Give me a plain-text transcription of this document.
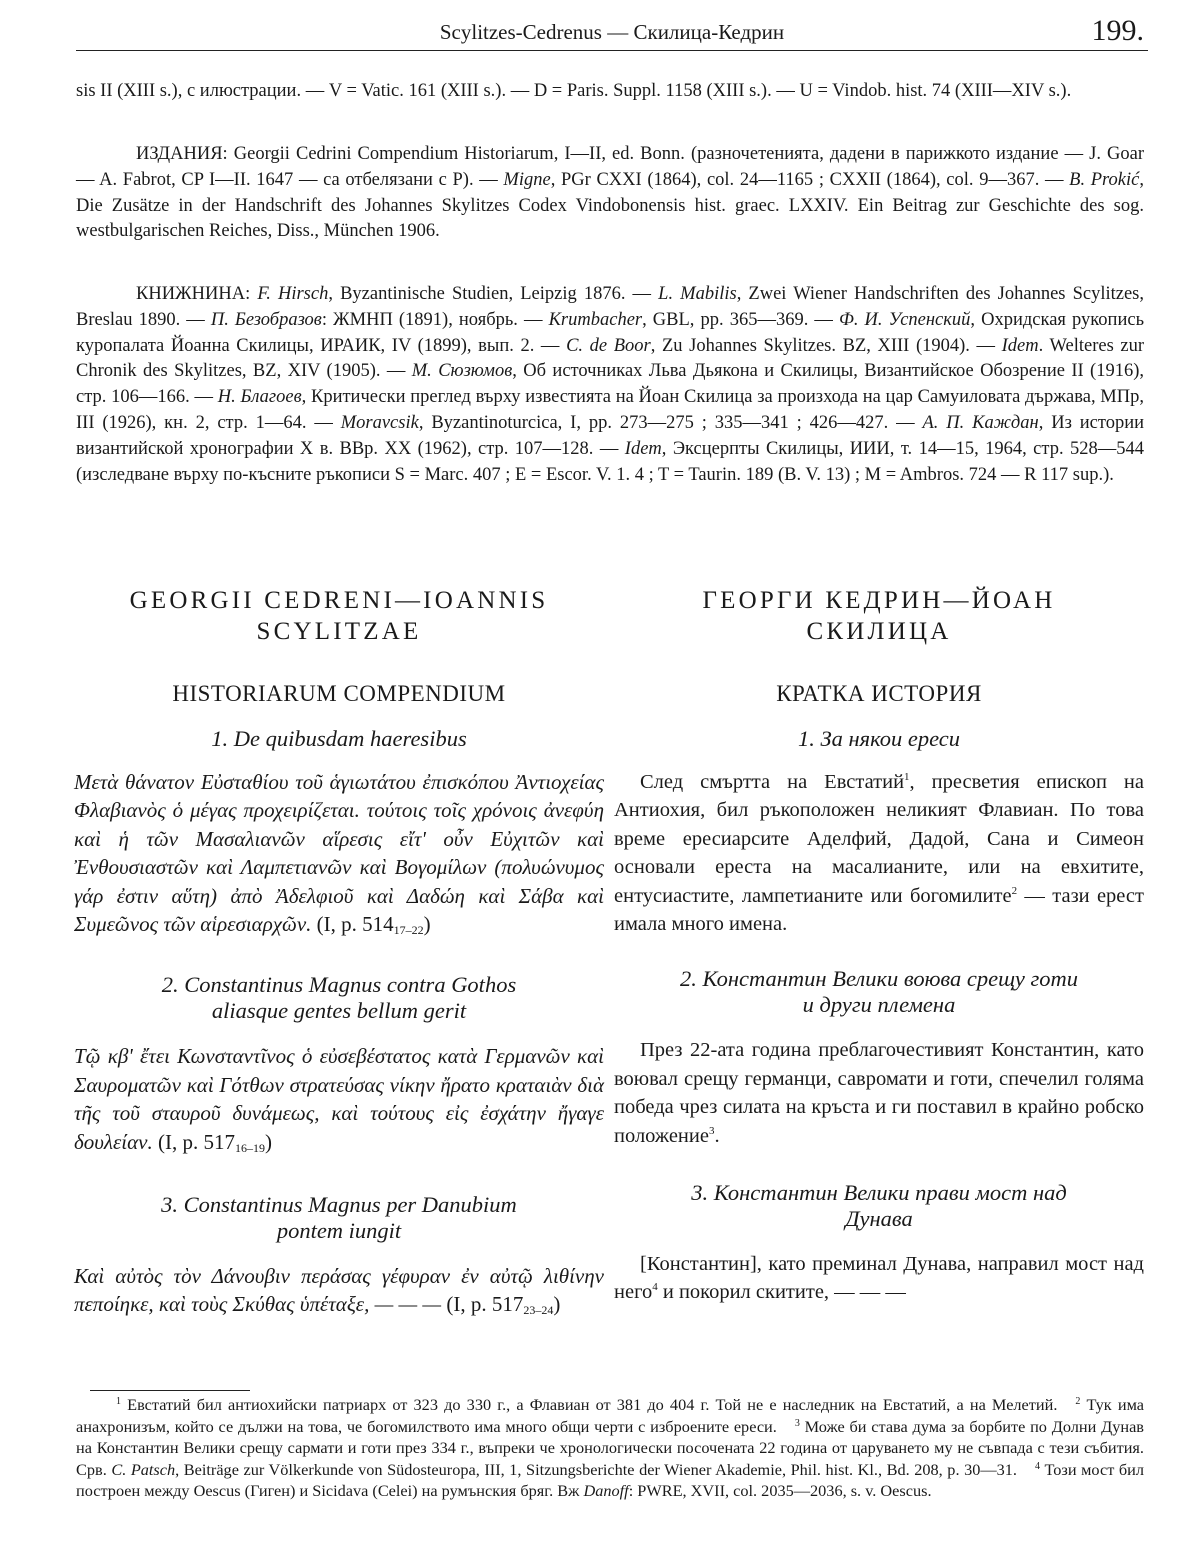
Scylitzes-Cedrenus — Скилица-Кедрин	199.

sis II (XIII s.), с илюстрации. — V = Vatic. 161 (XIII s.). — D = Paris. Suppl. 1158 (XIII s.). — U = Vindob. hist. 74 (XIII—XIV s.).

ИЗДАНИЯ: Georgii Cedrini Compendium Historiarum, I—II, ed. Bonn. (разночетенията, дадени в парижкото издание — J. Goar — A. Fabrot, CP I—II. 1647 — са отбелязани с P). — Migne, PGr CXXI (1864), col. 24—1165 ; CXXII (1864), col. 9—367. — B. Prokić, Die Zusätze in der Handschrift des Johannes Skylitzes Codex Vindobonensis hist. graec. LXXIV. Ein Beitrag zur Geschichte des sog. westbulgarischen Reiches, Diss., München 1906.

КНИЖНИНА: F. Hirsch, Byzantinische Studien, Leipzig 1876. — L. Mabilis, Zwei Wiener Handschriften des Johannes Scylitzes, Breslau 1890. — П. Безобразов: ЖМНП (1891), ноябрь. — Krumbacher, GBL, pp. 365—369. — Ф. И. Успенский, Охридская рукопись куропалата Йоанна Скилицы, ИРАИК, IV (1899), вып. 2. — C. de Boor, Zu Johannes Skylitzes. BZ, XIII (1904). — Idem. Welteres zur Chronik des Skylitzes, BZ, XIV (1905). — М. Сюзюмов, Об источниках Льва Дьякона и Скилицы, Византийское Обозрение II (1916), стр. 106—166. — Н. Благоев, Критически преглед върху известията на Йоан Скилица за произхода на цар Самуиловата държава, МПр, III (1926), кн. 2, стр. 1—64. — Moravcsik, Byzantinoturcica, I, pp. 273—275 ; 335—341 ; 426—427. — А. П. Каждан, Из истории византийской хронографии X в. ВВр. XX (1962), стр. 107—128. — Idem, Эксцерпты Скилицы, ИИИ, т. 14—15, 1964, стр. 528—544 (изследване върху по-късните ръкописи S = Marc. 407 ; E = Escor. V. 1. 4 ; T = Taurin. 189 (B. V. 13) ; M = Ambros. 724 — R 117 sup.).

GEORGII CEDRENI—IOANNIS
SCYLITZAE
HISTORIARUM COMPENDIUM
1. De quibusdam haeresibus
Μετὰ θάνατον Εὐσταθίου τοῦ ἁγιωτάτου ἐπισκόπου Ἀντιοχείας Φλαβιανὸς ὁ μέγας προχειρίζεται. τούτοις τοῖς χρόνοις ἀνεφύη καὶ ἡ τῶν Μασαλιανῶν αἵρεσις εἴτ' οὖν Εὐχιτῶν καὶ Ἐνθουσιαστῶν καὶ Λαμπετιανῶν καὶ Βογομίλων (πολυώνυμος γάρ ἐστιν αὕτη) ἀπὸ Ἀδελφιοῦ καὶ Δαδώη καὶ Σάβα καὶ Συμεῶνος τῶν αἱρεσιαρχῶν. (I, p. $514_{17-22}$)
2. Constantinus Magnus contra Gothos
aliasque gentes bellum gerit
Τῷ κβ' ἔτει Κωνσταντῖνος ὁ εὐσεβέστατος κατὰ Γερμανῶν καὶ Σαυροματῶν καὶ Γότθων στρατεύσας νίκην ἤρατο κραταιὰν διὰ τῆς τοῦ σταυροῦ δυνάμεως, καὶ τούτους εἰς ἐσχάτην ἤγαγε δουλείαν. (I, p. $517_{16-19}$)
3. Constantinus Magnus per Danubium
pontem iungit
Καὶ αὐτὸς τὸν Δάνουβιν περάσας γέφυραν ἐν αὐτῷ λιθίνην πεποίηκε, καὶ τοὺς Σκύθας ὑπέταξε, — — — (I, p. $517_{23-24}$)
ГЕОРГИ КЕДРИН—ЙОАН
СКИЛИЦА
КРАТКА ИСТОРИЯ
1. За някои ереси
След смъртта на Евстатий$^1$, пресветия епископ на Антиохия, бил ръкоположен неликият Флавиан. По това време ересиарсите Аделфий, Дадой, Сана и Симеон основали ереста на масалианите, или на евхитите, ентусиастите, лампетианите или богомилите$^2$ — тази ерест имала много имена.
2. Константин Велики воюва срещу готи
и други племена
През 22-ата година преблагочестивият Константин, като воювал срещу германци, савромати и готи, спечелил голяма победа чрез силата на кръста и ги поставил в крайно робско положение$^3$.
3. Константин Велики прави мост над
Дунава
[Константин], като преминал Дунава, направил мост над него$^4$ и покорил скитите, — — —
$^1$ Евстатий бил антиохийски патриарх от 323 до 330 г., а Флавиан от 381 до 404 г. Той не е наследник на Евстатий, а на Мелетий. $^2$ Тук има анахронизъм, който се дължи на това, че богомилството има много общи черти с изброените ереси. $^3$ Може би става дума за борбите по Долни Дунав на Константин Велики срещу сармати и готи през 334 г., въпреки че хронологически посочената 22 година от царуването му не съвпада с тези събития. Срв. C. Patsch, Beiträge zur Völkerkunde von Südosteuropa, III, 1, Sitzungsberichte der Wiener Akademie, Phil. hist. Kl., Bd. 208, p. 30—31. $^4$ Този мост бил построен между Oescus (Гиген) и Sicidava (Celei) на румънския бряг. Вж Danoff: PWRE, XVII, col. 2035—2036, s. v. Oescus.
